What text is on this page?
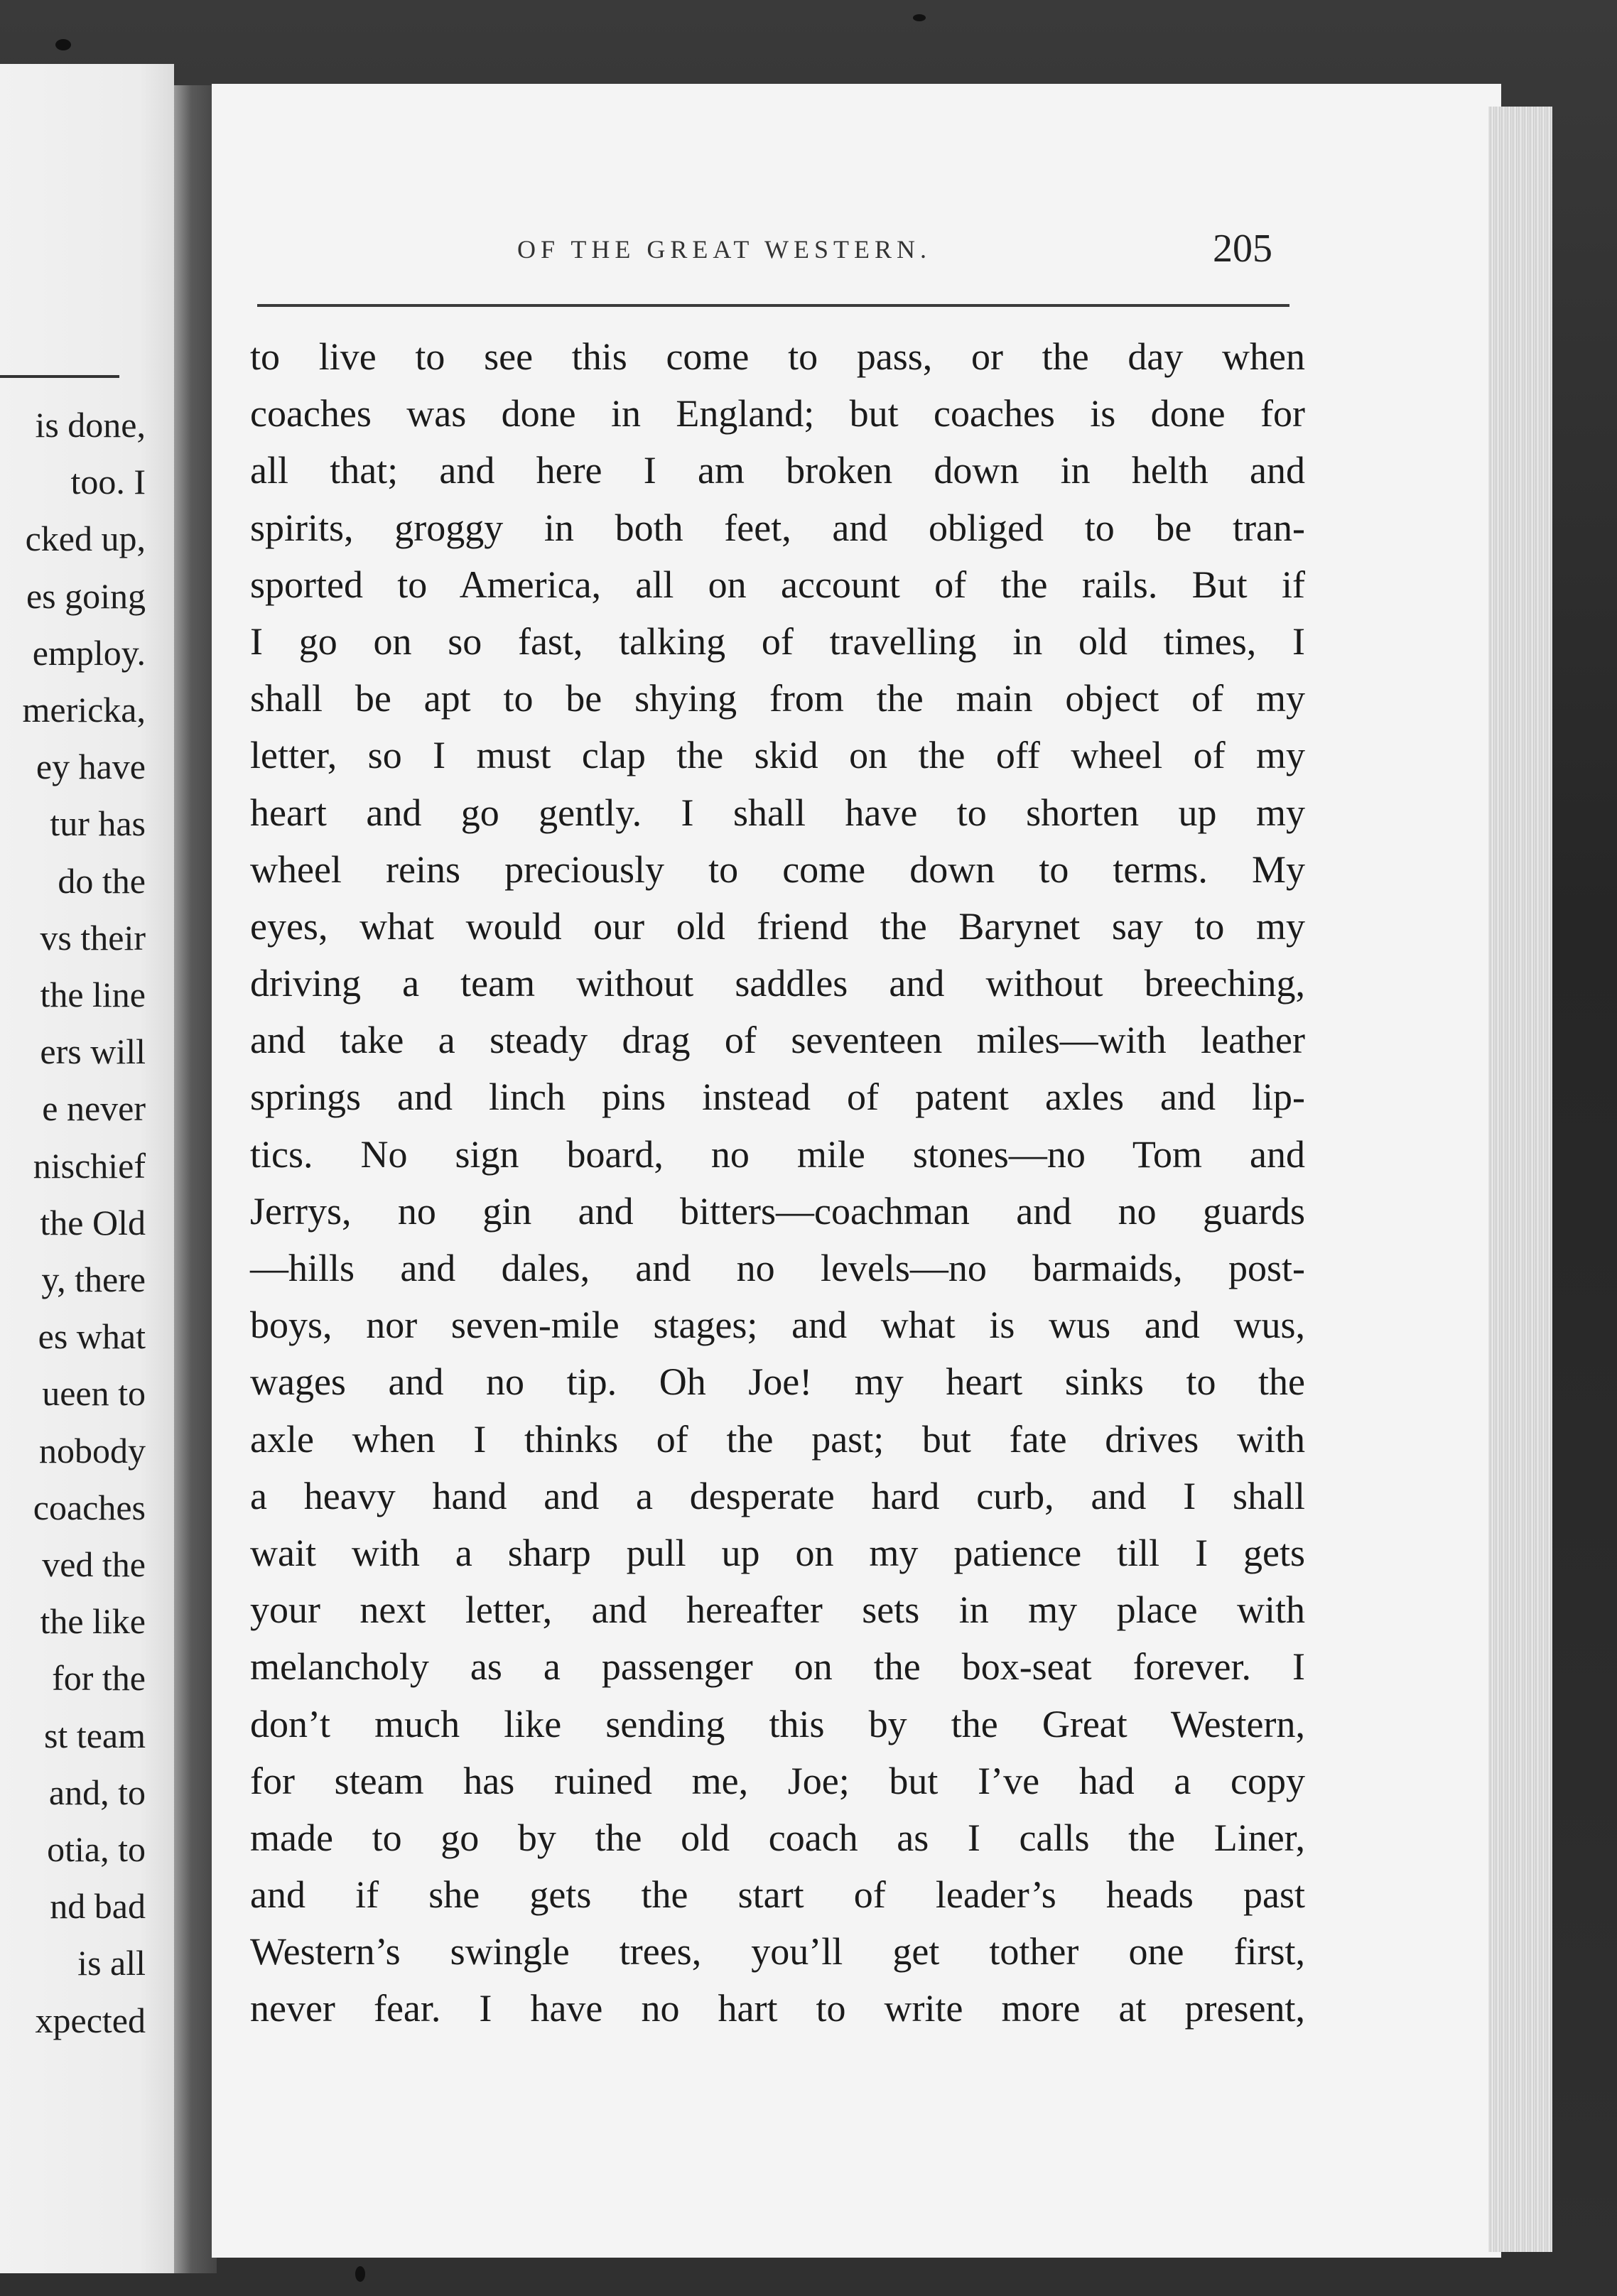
is done,
too. I
cked up,
es going
employ.
mericka,
ey have
tur has
do the
vs their
the line
ers will
e never
nischief
the Old
y, there
es what
ueen to
nobody
coaches
ved the
the like
for the
st team
and, to
otia, to
nd bad
is all
xpected
OF THE GREAT WESTERN.	205
to live to see this come to pass, or the day when
coaches was done in England; but coaches is done for
all that; and here I am broken down in helth and
spirits, groggy in both feet, and obliged to be tran-
sported to America, all on account of the rails. But if
I go on so fast, talking of travelling in old times, I
shall be apt to be shying from the main object of my
letter, so I must clap the skid on the off wheel of my
heart and go gently. I shall have to shorten up my
wheel reins preciously to come down to terms. My
eyes, what would our old friend the Barynet say to my
driving a team without saddles and without breeching,
and take a steady drag of seventeen miles—with leather
springs and linch pins instead of patent axles and lip-
tics. No sign board, no mile stones—no Tom and
Jerrys, no gin and bitters—coachman and no guards
—hills and dales, and no levels—no barmaids, post-
boys, nor seven-mile stages; and what is wus and wus,
wages and no tip. Oh Joe! my heart sinks to the
axle when I thinks of the past; but fate drives with
a heavy hand and a desperate hard curb, and I shall
wait with a sharp pull up on my patience till I gets
your next letter, and hereafter sets in my place with
melancholy as a passenger on the box-seat forever. I
don’t much like sending this by the Great Western,
for steam has ruined me, Joe; but I’ve had a copy
made to go by the old coach as I calls the Liner,
and if she gets the start of leader’s heads past
Western’s swingle trees, you’ll get tother one first,
never fear. I have no hart to write more at present,
